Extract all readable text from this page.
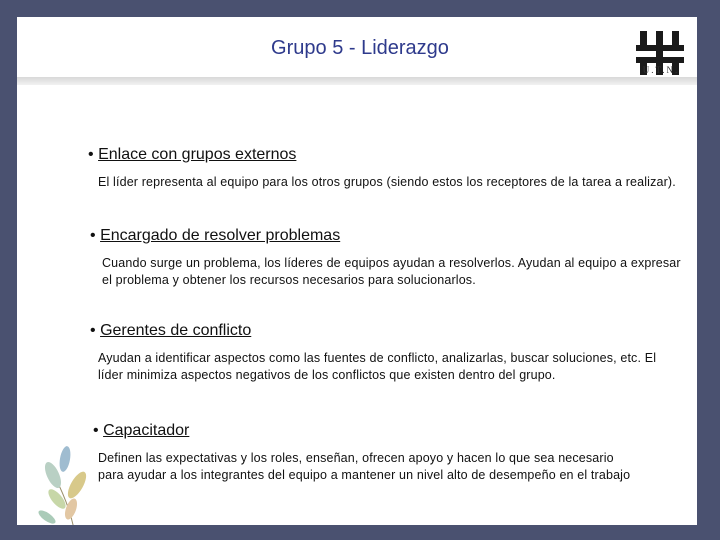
Grupo 5 - Liderazgo
U.T.N.
• Enlace con grupos externos
El líder representa al equipo para los otros grupos (siendo estos los receptores de la tarea a realizar).
• Encargado de resolver problemas
Cuando surge un problema, los líderes de equipos ayudan a resolverlos. Ayudan al equipo a expresar el problema y obtener los recursos necesarios para solucionarlos.
• Gerentes de conflicto
Ayudan a identificar aspectos como las fuentes de conflicto, analizarlas, buscar soluciones, etc. El líder minimiza aspectos negativos de los conflictos que existen dentro del grupo.
• Capacitador
Definen las expectativas y los roles, enseñan, ofrecen apoyo y hacen lo que sea necesario para ayudar a los integrantes del equipo a mantener un nivel alto de desempeño en el trabajo
